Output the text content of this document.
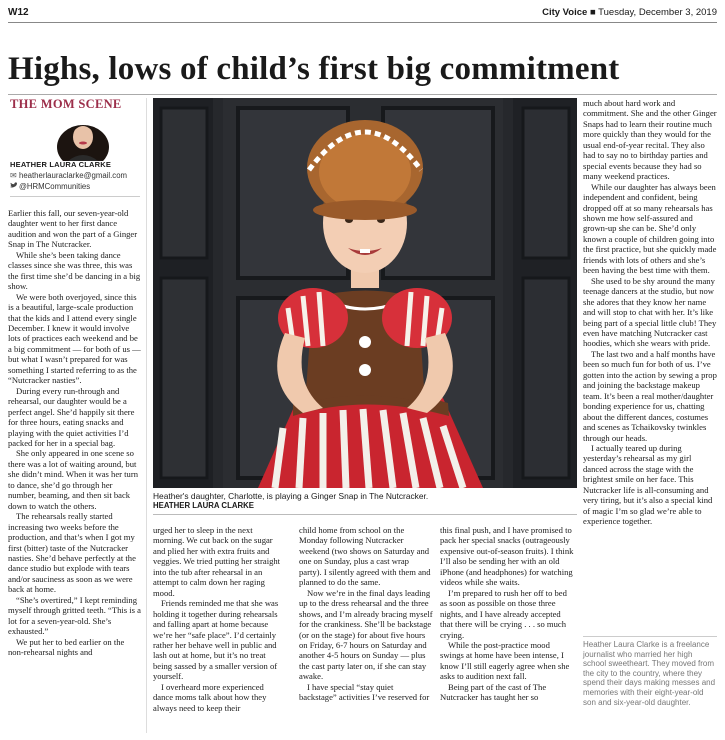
W12	City Voice ■ Tuesday, December 3, 2019
Highs, lows of child’s first big commitment
THE MOM SCENE
HEATHER LAURA CLARKE
✉ heatherlauraclarke@gmail.com
@HRMCommunities
Heather's daughter, Charlotte, is playing a Ginger Snap in The Nutcracker.
HEATHER LAURA CLARKE

Earlier this fall, our seven-year-old daughter went to her first dance audition and won the part of a Ginger Snap in The Nutcracker.

While she’s been taking dance classes since she was three, this was the first time she’d be dancing in a big show.

We were both overjoyed, since this is a beautiful, large-scale production that the kids and I attend every single December. I knew it would involve lots of practices each weekend and be a big commitment — for both of us — but what I wasn’t prepared for was something I started referring to as the “Nutcracker nasties”.

During every run-through and rehearsal, our daughter would be a perfect angel. She’d happily sit there for three hours, eating snacks and playing with the quiet activities I’d packed for her in a special bag.

She only appeared in one scene so there was a lot of waiting around, but she didn’t mind. When it was her turn to dance, she’d go through her number, beaming, and then sit back down to watch the others.

The rehearsals really started increasing two weeks before the production, and that’s when I got my first (bitter) taste of the Nutcracker nasties. She’d behave perfectly at the dance studio but explode with tears and/or sauciness as soon as we were back at home.

“She’s overtired,” I kept reminding myself through gritted teeth. “This is a lot for a seven-year-old. She’s exhausted.”

We put her to bed earlier on the non-rehearsal nights and

urged her to sleep in the next morning. We cut back on the sugar and plied her with extra fruits and veggies. We tried putting her straight into the tub after rehearsal in an attempt to calm down her raging mood.

Friends reminded me that she was holding it together during rehearsals and falling apart at home because we’re her “safe place”. I’d certainly rather her behave well in public and lash out at home, but it’s no treat being sassed by a smaller version of yourself.

I overheard more experienced dance moms talk about how they always need to keep their

child home from school on the Monday following Nutcracker weekend (two shows on Saturday and one on Sunday, plus a cast wrap party). I silently agreed with them and planned to do the same.

Now we’re in the final days leading up to the dress rehearsal and the three shows, and I’m already bracing myself for the crankiness. She’ll be backstage (or on the stage) for about five hours on Friday, 6-7 hours on Saturday and another 4-5 hours on Sunday — plus the cast party later on, if she can stay awake.

I have special “stay quiet backstage” activities I’ve reserved for

this final push, and I have promised to pack her special snacks (outrageously expensive out-of-season fruits). I think I’ll also be sending her with an old iPhone (and headphones) for watching videos while she waits.

I’m prepared to rush her off to bed as soon as possible on those three nights, and I have already accepted that there will be crying . . . so much crying.

While the post-practice mood swings at home have been intense, I know I’ll still eagerly agree when she asks to audition next fall.

Being part of the cast of The Nutcracker has taught her so

much about hard work and commitment. She and the other Ginger Snaps had to learn their routine much more quickly than they would for the usual end-of-year recital. They also had to say no to birthday parties and special events because they had so many weekend practices.

While our daughter has always been independent and confident, being dropped off at so many rehearsals has shown me how self-assured and grown-up she can be. She’d only known a couple of children going into the first practice, but she quickly made friends with lots of others and she’s been having the best time with them.

She used to be shy around the many teenage dancers at the studio, but now she adores that they know her name and will stop to chat with her. It’s like being part of a special little club! They even have matching Nutcracker cast hoodies, which she wears with pride.

The last two and a half months have been so much fun for both of us. I’ve gotten into the action by sewing a prop and joining the backstage makeup team. It’s been a real mother/daughter bonding experience for us, chatting about the different dances, costumes and scenes as Tchaikovsky twinkles through our heads.

I actually teared up during yesterday’s rehearsal as my girl danced across the stage with the brightest smile on her face. This Nutcracker life is all-consuming and very tiring, but it’s also a special kind of magic I’m so glad we’re able to experience together.

Heather Laura Clarke is a freelance journalist who married her high school sweetheart. They moved from the city to the country, where they spend their days making messes and memories with their eight-year-old son and six-year-old daughter.
